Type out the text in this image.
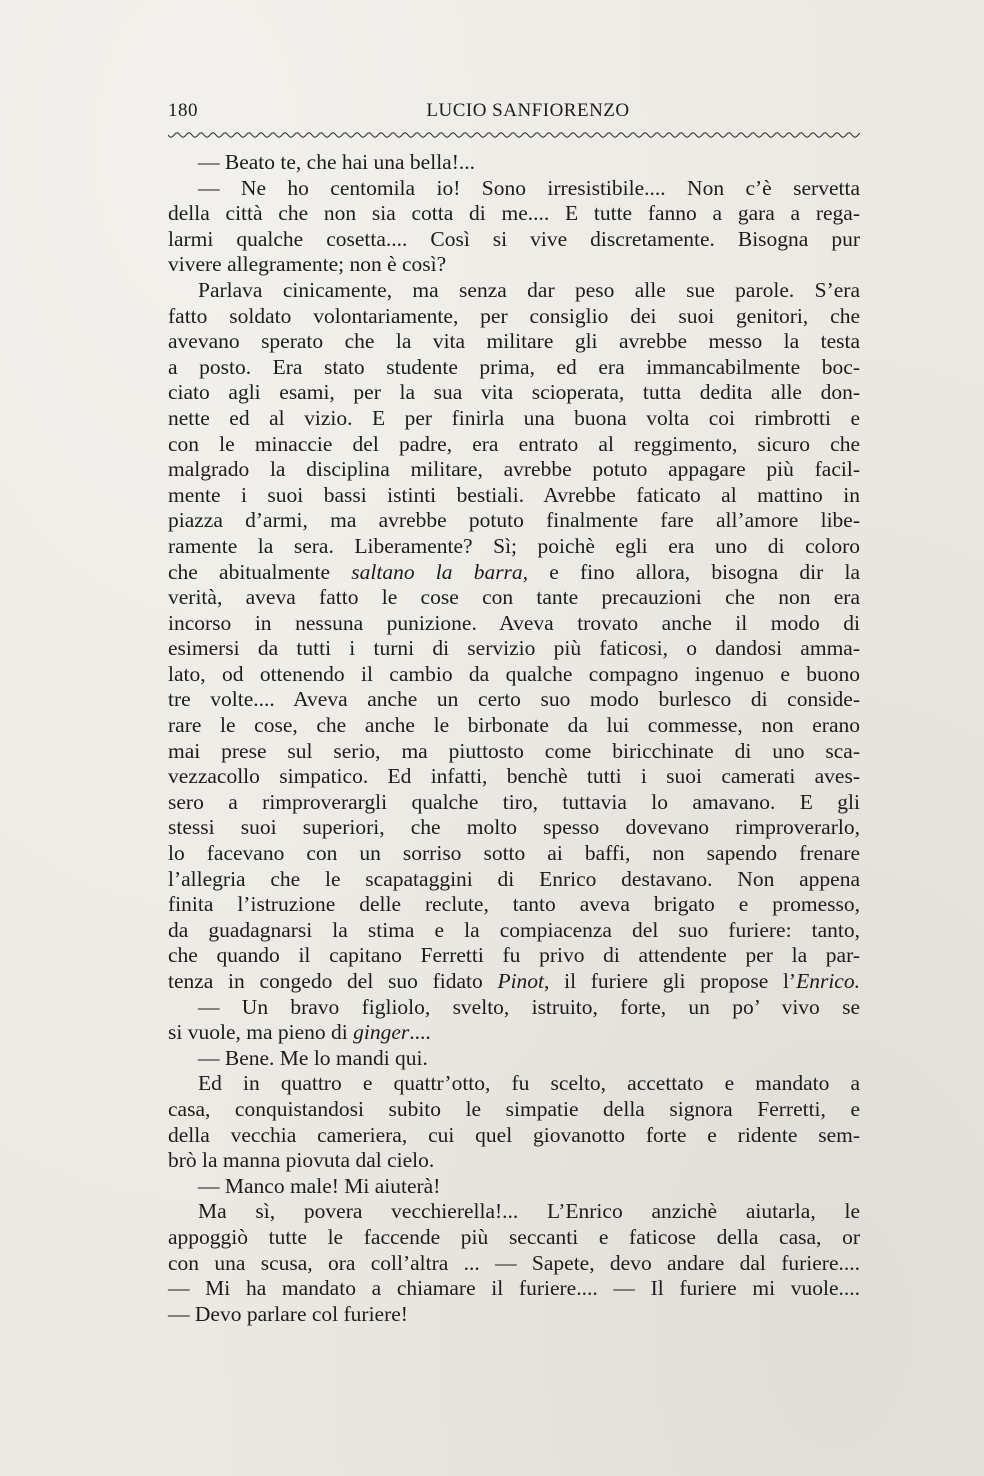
180	LUCIO SANFIORENZO
— Beato te, che hai una bella!...
— Ne ho centomila io! Sono irresistibile.... Non c’è servetta
della città che non sia cotta di me.... E tutte fanno a gara a rega-
larmi qualche cosetta.... Così si vive discretamente. Bisogna pur
vivere allegramente; non è così?
Parlava cinicamente, ma senza dar peso alle sue parole. S’era
fatto soldato volontariamente, per consiglio dei suoi genitori, che
avevano sperato che la vita militare gli avrebbe messo la testa
a posto. Era stato studente prima, ed era immancabilmente boc-
ciato agli esami, per la sua vita scioperata, tutta dedita alle don-
nette ed al vizio. E per finirla una buona volta coi rimbrotti e
con le minaccie del padre, era entrato al reggimento, sicuro che
malgrado la disciplina militare, avrebbe potuto appagare più facil-
mente i suoi bassi istinti bestiali. Avrebbe faticato al mattino in
piazza d’armi, ma avrebbe potuto finalmente fare all’amore libe-
ramente la sera. Liberamente? Sì; poichè egli era uno di coloro
che abitualmente saltano la barra, e fino allora, bisogna dir la
verità, aveva fatto le cose con tante precauzioni che non era
incorso in nessuna punizione. Aveva trovato anche il modo di
esimersi da tutti i turni di servizio più faticosi, o dandosi amma-
lato, od ottenendo il cambio da qualche compagno ingenuo e buono
tre volte.... Aveva anche un certo suo modo burlesco di conside-
rare le cose, che anche le birbonate da lui commesse, non erano
mai prese sul serio, ma piuttosto come biricchinate di uno sca-
vezzacollo simpatico. Ed infatti, benchè tutti i suoi camerati aves-
sero a rimproverargli qualche tiro, tuttavia lo amavano. E gli
stessi suoi superiori, che molto spesso dovevano rimproverarlo,
lo facevano con un sorriso sotto ai baffi, non sapendo frenare
l’allegria che le scapataggini di Enrico destavano. Non appena
finita l’istruzione delle reclute, tanto aveva brigato e promesso,
da guadagnarsi la stima e la compiacenza del suo furiere: tanto,
che quando il capitano Ferretti fu privo di attendente per la par-
tenza in congedo del suo fidato Pinot, il furiere gli propose l’Enrico.
— Un bravo figliolo, svelto, istruito, forte, un po’ vivo se
si vuole, ma pieno di ginger....
— Bene. Me lo mandi qui.
Ed in quattro e quattr’otto, fu scelto, accettato e mandato a
casa, conquistandosi subito le simpatie della signora Ferretti, e
della vecchia cameriera, cui quel giovanotto forte e ridente sem-
brò la manna piovuta dal cielo.
— Manco male! Mi aiuterà!
Ma sì, povera vecchierella!... L’Enrico anzichè aiutarla, le
appoggiò tutte le faccende più seccanti e faticose della casa, or
con una scusa, ora coll’altra ... — Sapete, devo andare dal furiere....
— Mi ha mandato a chiamare il furiere.... — Il furiere mi vuole....
— Devo parlare col furiere!
